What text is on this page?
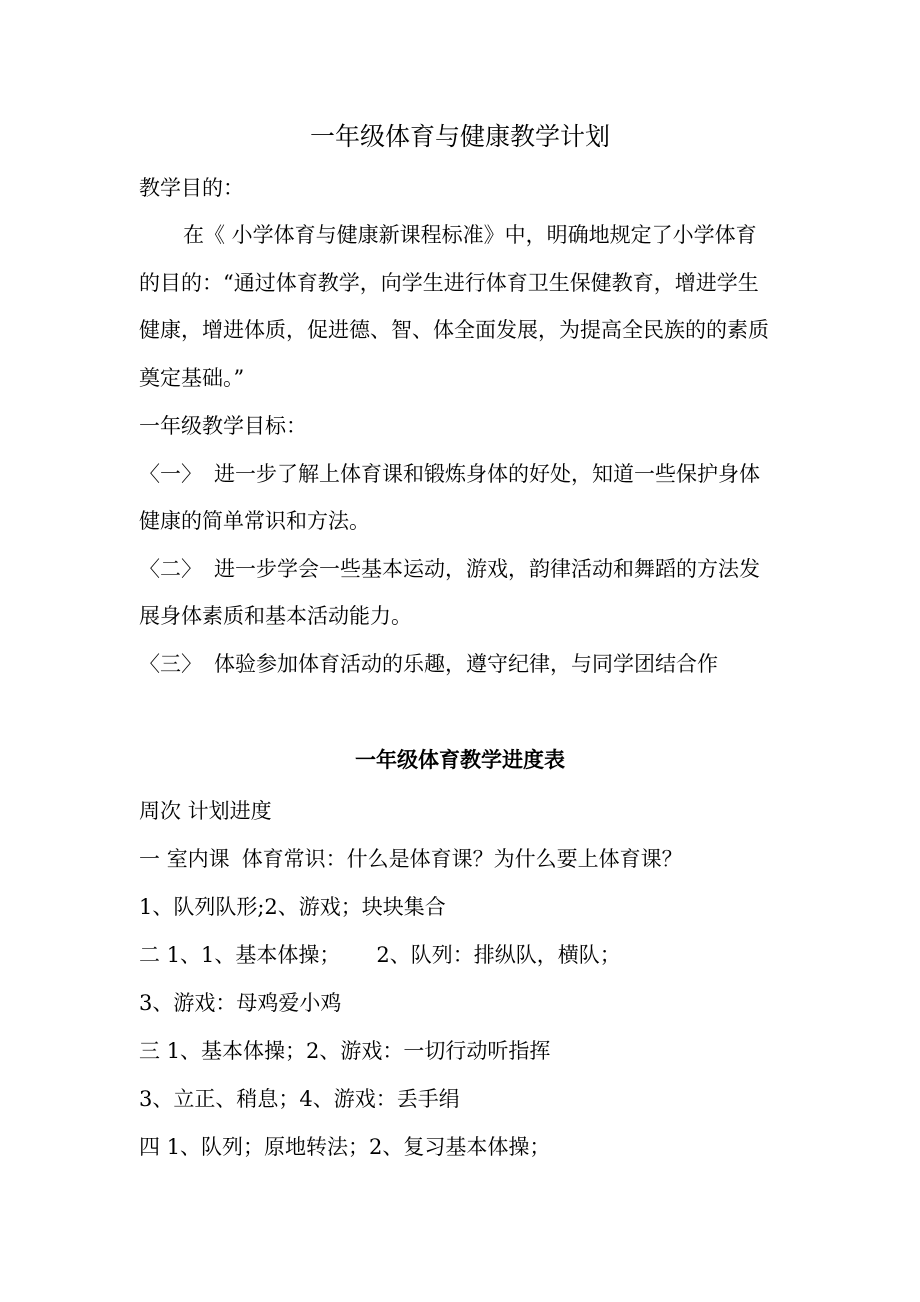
一年级体育与健康教学计划
教学目的：
在《 小学体育与健康新课程标准》中，明确地规定了小学体育
的目的：“通过体育教学，向学生进行体育卫生保健教育，增进学生
健康，增进体质，促进德、智、体全面发展，为提高全民族的的素质
奠定基础。”
一年级教学目标：
〈一〉 进一步了解上体育课和锻炼身体的好处，知道一些保护身体
健康的简单常识和方法。
〈二〉 进一步学会一些基本运动，游戏，韵律活动和舞蹈的方法发
展身体素质和基本活动能力。
〈三〉 体验参加体育活动的乐趣，遵守纪律，与同学团结合作
一年级体育教学进度表
周次 计划进度
一 室内课 体育常识：什么是体育课？为什么要上体育课？
1、队列队形;2、游戏；块块集合
二 1、1、基本体操； 2、队列：排纵队，横队；
3、游戏：母鸡爱小鸡
三 1、基本体操；2、游戏：一切行动听指挥
3、立正、稍息；4、游戏：丢手绢
四 1、队列；原地转法；2、复习基本体操；
